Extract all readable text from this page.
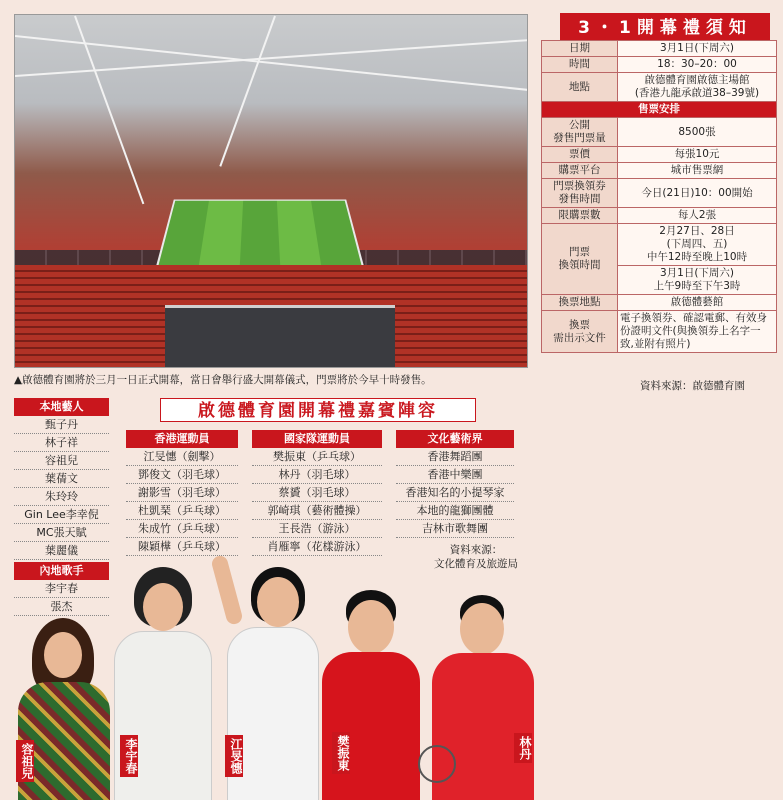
▲啟德體育園將於三月一日正式開幕，當日會舉行盛大開幕儀式，門票將於今早十時發售。
3・1開幕禮須知
日期	3月1日(下周六)
時間	18：30–20：00
地點	啟德體育園啟德主場館
(香港九龍承啟道38–39號)
售票安排	
公開
發售門票量	8500張
票價	每張10元
購票平台	城市售票網
門票換領券
發售時間	今日(21日)10：00開始
限購票數	每人2張
門票
換領時間	2月27日、28日
(下周四、五)
中午12時至晚上10時
	3月1日(下周六)
上午9時至下午3時
換票地點	啟德體藝館
換票
需出示文件	電子換領券、確認電郵、有效身份證明文件(與換領券上名字一致,並附有照片)
資料來源：啟德體育園
啟德體育園開幕禮嘉賓陣容
本地藝人
甄子丹
林子祥
容祖兒
葉蒨文
朱玲玲
Gin Lee李幸倪
MC張天賦
葉麗儀
內地歌手
李宇春
張杰
香港運動員
江旻憓（劍擊）
鄧俊文（羽毛球）
謝影雪（羽毛球）
杜凱琹（乒乓球）
朱成竹（乒乓球）
陳穎樺（乒乓球）
國家隊運動員
樊振東（乒乓球）
林丹（羽毛球）
蔡贇（羽毛球）
郭崎琪（藝術體操）
王長浩（游泳）
肖雁寧（花樣游泳）
文化藝術界
香港舞蹈團
香港中樂團
香港知名的小提琴家
本地的龍獅團體
吉林市歌舞團
資料來源：
文化體育及旅遊局
容祖兒	李宇春	江旻憓	樊振東	林丹
